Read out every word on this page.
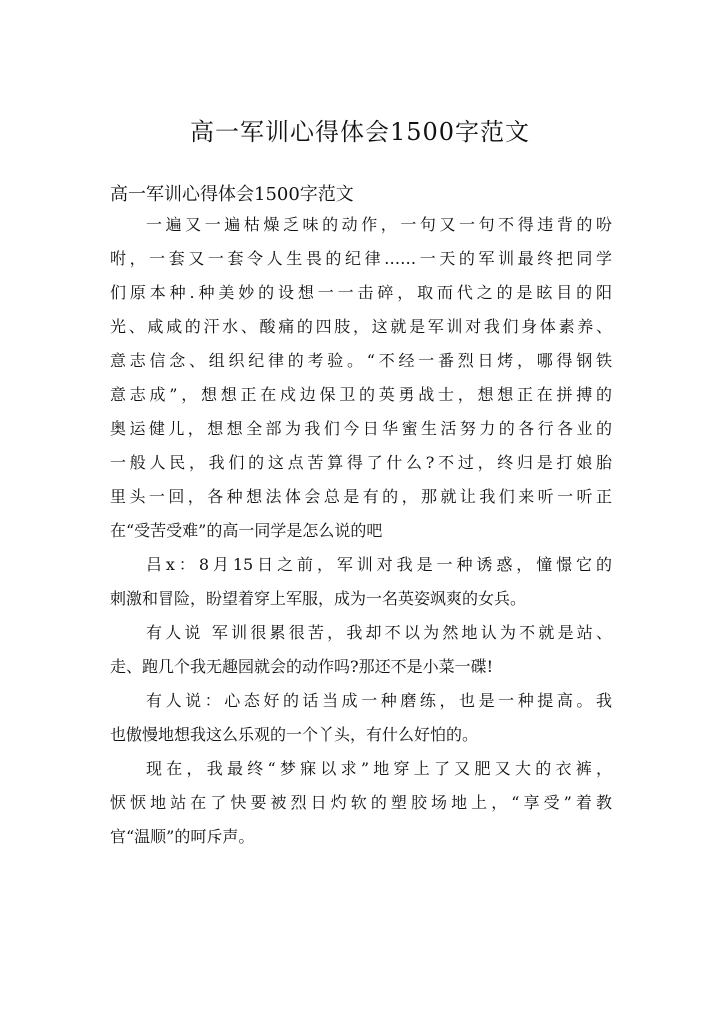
高一军训心得体会1500字范文

高一军训心得体会1500字范文

一遍又一遍枯燥乏味的动作，一句又一句不得违背的吩
咐，一套又一套令人生畏的纪律……一天的军训最终把同学
们原本种.种美妙的设想一一击碎，取而代之的是眩目的阳
光、咸咸的汗水、酸痛的四肢，这就是军训对我们身体素养、
意志信念、组织纪律的考验。“不经一番烈日烤，哪得钢铁
意志成”，想想正在戍边保卫的英勇战士，想想正在拼搏的
奥运健儿，想想全部为我们今日华蜜生活努力的各行各业的
一般人民，我们的这点苦算得了什么?不过，终归是打娘胎
里头一回，各种想法体会总是有的，那就让我们来听一听正
在“受苦受难”的高一同学是怎么说的吧
吕x：8月15日之前，军训对我是一种诱惑，憧憬它的
刺激和冒险，盼望着穿上军服，成为一名英姿飒爽的女兵。
有人说 军训很累很苦，我却不以为然地认为不就是站、
走、跑几个我无趣园就会的动作吗?那还不是小菜一碟!
有人说：心态好的话当成一种磨练，也是一种提高。我
也傲慢地想我这么乐观的一个丫头，有什么好怕的。
现在，我最终“梦寐以求”地穿上了又肥又大的衣裤，
恹恹地站在了快要被烈日灼软的塑胶场地上，“享受”着教
官“温顺”的呵斥声。
